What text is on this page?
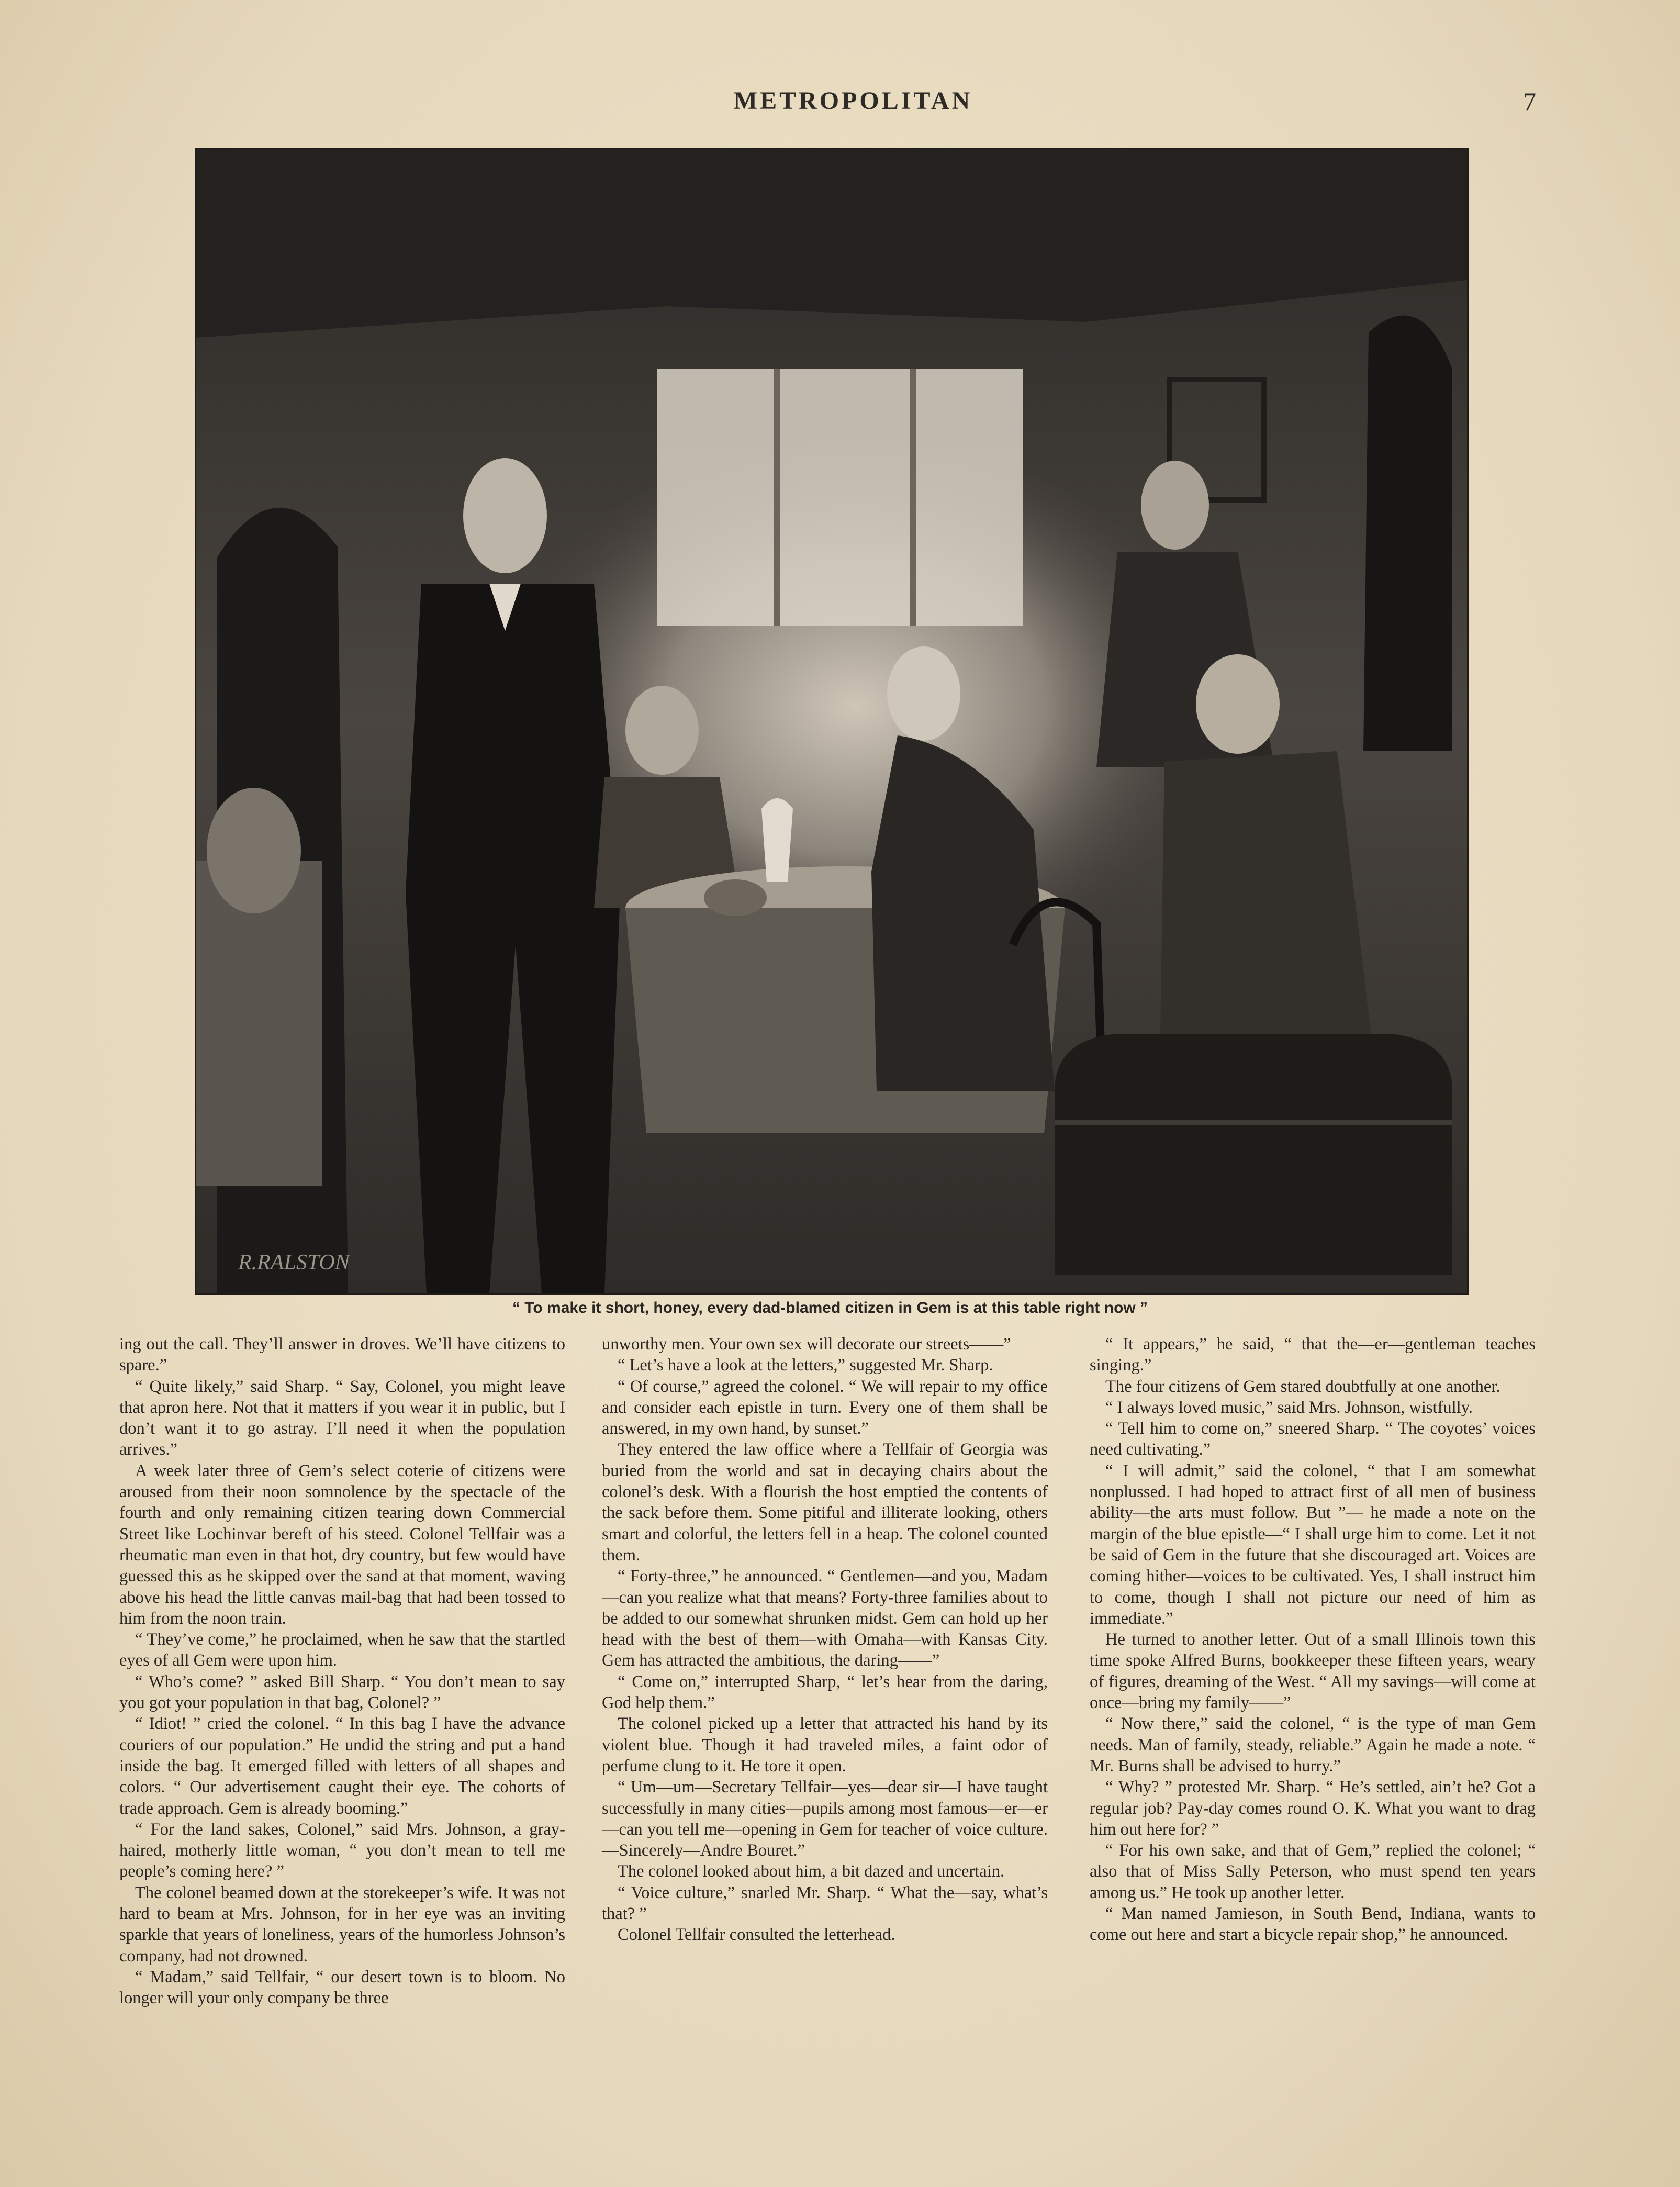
METROPOLITAN	7
R.RALSTON
“ To make it short, honey, every dad-blamed citizen in Gem is at this table right now ”

ing out the call. They’ll answer in droves. We’ll have citizens to spare.”

“ Quite likely,” said Sharp. “ Say, Colonel, you might leave that apron here. Not that it matters if you wear it in public, but I don’t want it to go astray. I’ll need it when the population arrives.”

A week later three of Gem’s select coterie of citizens were aroused from their noon somnolence by the spectacle of the fourth and only remaining citizen tearing down Commercial Street like Lochinvar bereft of his steed. Colonel Tellfair was a rheumatic man even in that hot, dry country, but few would have guessed this as he skipped over the sand at that moment, waving above his head the little canvas mail-bag that had been tossed to him from the noon train.

“ They’ve come,” he proclaimed, when he saw that the startled eyes of all Gem were upon him.

“ Who’s come? ” asked Bill Sharp. “ You don’t mean to say you got your population in that bag, Colonel? ”

“ Idiot! ” cried the colonel. “ In this bag I have the advance couriers of our population.” He undid the string and put a hand inside the bag. It emerged filled with letters of all shapes and colors. “ Our advertisement caught their eye. The cohorts of trade approach. Gem is already booming.”

“ For the land sakes, Colonel,” said Mrs. Johnson, a gray-haired, motherly little woman, “ you don’t mean to tell me people’s coming here? ”

The colonel beamed down at the storekeeper’s wife. It was not hard to beam at Mrs. Johnson, for in her eye was an inviting sparkle that years of loneliness, years of the humorless Johnson’s company, had not drowned.

“ Madam,” said Tellfair, “ our desert town is to bloom. No longer will your only company be three

unworthy men. Your own sex will decorate our streets——”

“ Let’s have a look at the letters,” suggested Mr. Sharp.

“ Of course,” agreed the colonel. “ We will repair to my office and consider each epistle in turn. Every one of them shall be answered, in my own hand, by sunset.”

They entered the law office where a Tellfair of Georgia was buried from the world and sat in decaying chairs about the colonel’s desk. With a flourish the host emptied the contents of the sack before them. Some pitiful and illiterate looking, others smart and colorful, the letters fell in a heap. The colonel counted them.

“ Forty-three,” he announced. “ Gentlemen—and you, Madam—can you realize what that means? Forty-three families about to be added to our somewhat shrunken midst. Gem can hold up her head with the best of them—with Omaha—with Kansas City. Gem has attracted the ambitious, the daring——”

“ Come on,” interrupted Sharp, “ let’s hear from the daring, God help them.”

The colonel picked up a letter that attracted his hand by its violent blue. Though it had traveled miles, a faint odor of perfume clung to it. He tore it open.

“ Um—um—Secretary Tellfair—yes—dear sir—I have taught successfully in many cities—pupils among most famous—er—er—can you tell me—opening in Gem for teacher of voice culture.—Sincerely—Andre Bouret.”

The colonel looked about him, a bit dazed and uncertain.

“ Voice culture,” snarled Mr. Sharp. “ What the—say, what’s that? ”

Colonel Tellfair consulted the letterhead.

“ It appears,” he said, “ that the—er—gentleman teaches singing.”

The four citizens of Gem stared doubtfully at one another.

“ I always loved music,” said Mrs. Johnson, wistfully.

“ Tell him to come on,” sneered Sharp. “ The coyotes’ voices need cultivating.”

“ I will admit,” said the colonel, “ that I am somewhat nonplussed. I had hoped to attract first of all men of business ability—the arts must follow. But ”— he made a note on the margin of the blue epistle—“ I shall urge him to come. Let it not be said of Gem in the future that she discouraged art. Voices are coming hither—voices to be cultivated. Yes, I shall instruct him to come, though I shall not picture our need of him as immediate.”

He turned to another letter. Out of a small Illinois town this time spoke Alfred Burns, bookkeeper these fifteen years, weary of figures, dreaming of the West. “ All my savings—will come at once—bring my family——”

“ Now there,” said the colonel, “ is the type of man Gem needs. Man of family, steady, reliable.” Again he made a note. “ Mr. Burns shall be advised to hurry.”

“ Why? ” protested Mr. Sharp. “ He’s settled, ain’t he? Got a regular job? Pay-day comes round O. K. What you want to drag him out here for? ”

“ For his own sake, and that of Gem,” replied the colonel; “ also that of Miss Sally Peterson, who must spend ten years among us.” He took up another letter.

“ Man named Jamieson, in South Bend, Indiana, wants to come out here and start a bicycle repair shop,” he announced.
